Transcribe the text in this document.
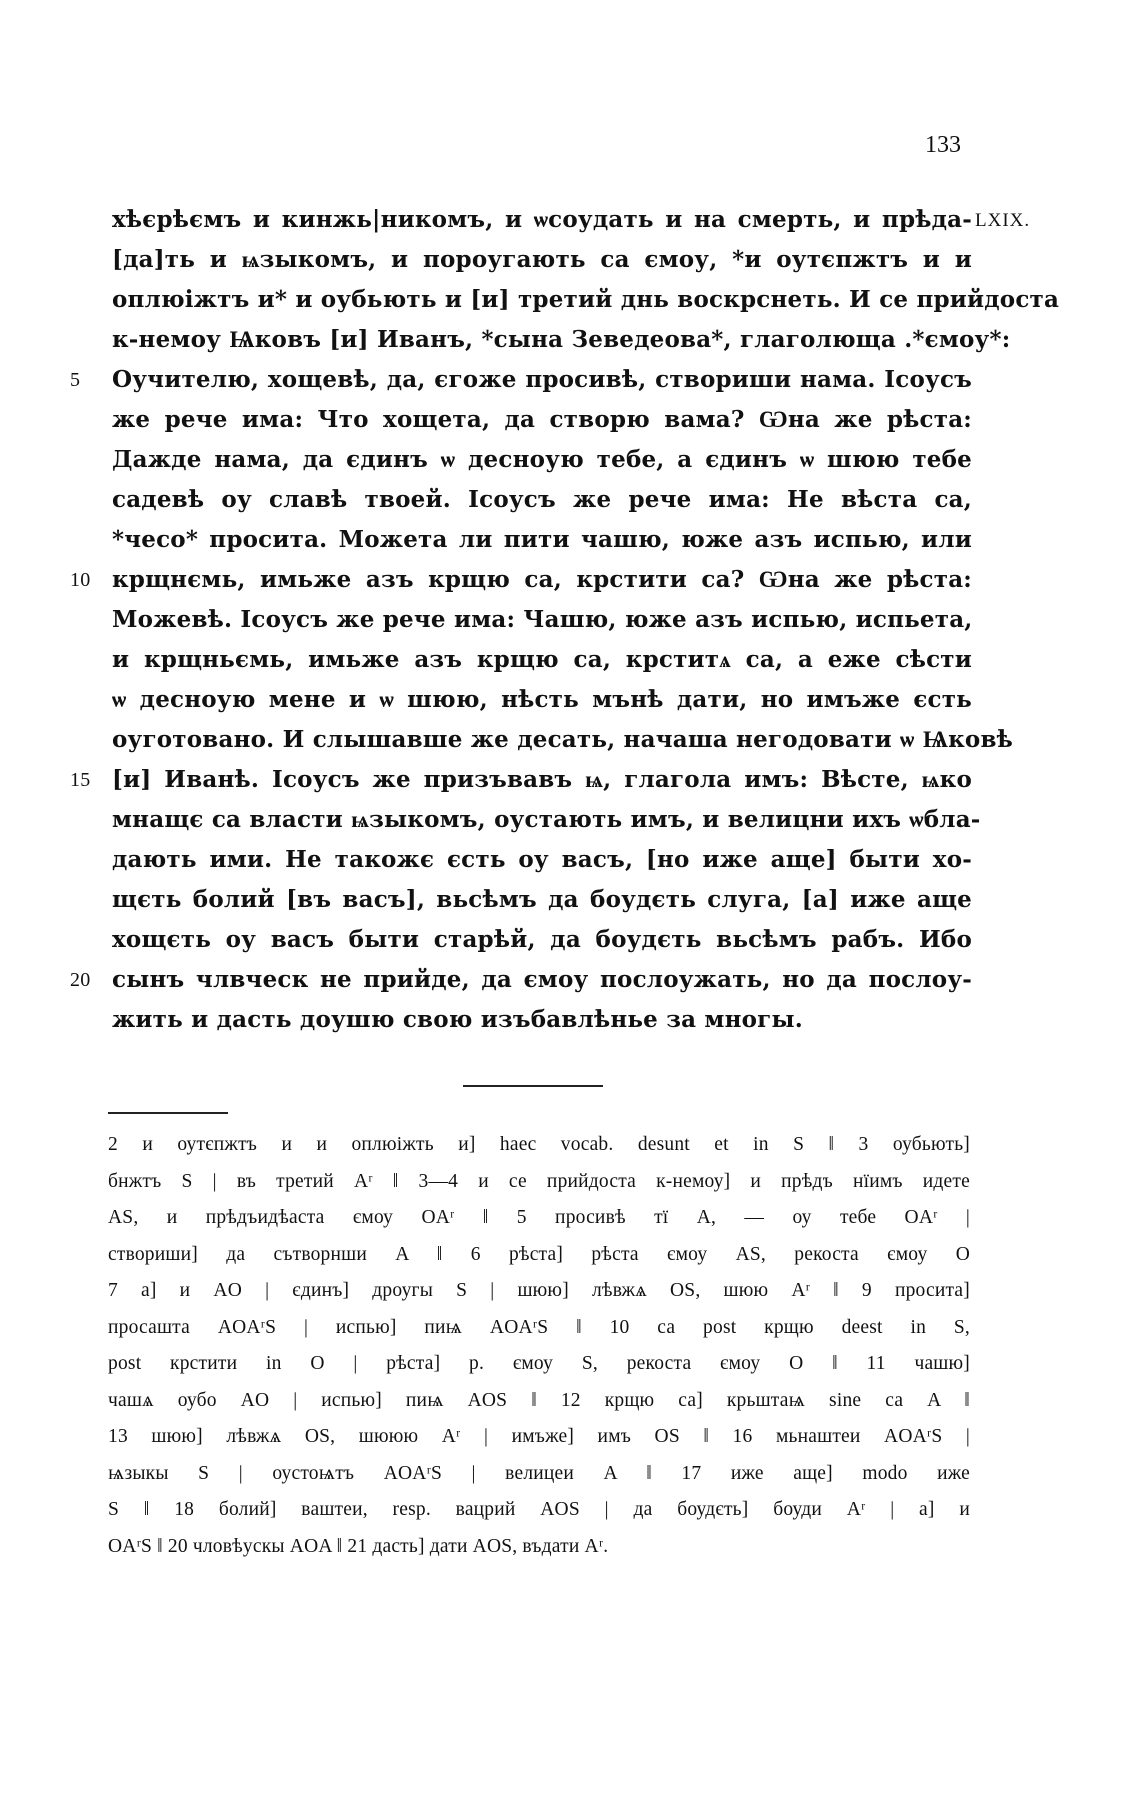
133
LXIX.
хѣєрѣємъ и кинжь|никомъ, и ѡсоудать и на смерть, и прѣда-
[да]ть и ѩзыкомъ, и пороугають са ємоу, *и оутєпжтъ и и
оплюіжтъ и* и оубьють и [и] третий днь воскрснеть. И се прийдоста
к-немоу Ѩковъ [и] Иванъ, *сына Зеведеова*, глаголюща .*ємоу*:
5 Оучителю, хощевѣ, да, єгоже просивѣ, створиши нама. Ісоусъ
же рече има: Что хощета, да створю вама? Ѡна же рѣста:
Дажде нама, да єдинъ ѡ десноую тебе, а єдинъ ѡ шюю тебе
садевѣ оу славѣ твоей. Ісоусъ же рече има: Не вѣста са,
*чесо* просита. Можета ли пити чашю, юже азъ испью, или
10 крщнємь, имьже азъ крщю са, крстити са? Ѡна же рѣста:
Можевѣ. Ісоусъ же рече има: Чашю, юже азъ испью, испьета,
и крщньємь, имьже азъ крщю са, крститѧ са, а еже сѣсти
ѡ десноую мене и ѡ шюю, нѣсть мънѣ дати, но имъже єсть
оуготовано. И слышавше же десать, начаша негодовати ѡ Ѩковѣ
15 [и] Иванѣ. Ісоусъ же призъвавъ ѩ, глагола имъ: Вѣсте, ѩко
мнащє са власти ѩзыкомъ, оустають имъ, и велицни ихъ ѡбла-
дають ими. Не такожє єсть оу васъ, [но иже аще] быти хо-
щєть болий [въ васъ], вьсѣмъ да боудєть слуга, [а] иже аще
хощєть оу васъ быти старѣй, да боудєть вьсѣмъ рабъ. Ибо
20 сынъ члвческ не прийде, да ємоу послоужать, но да послоу-
жить и дасть доушю свою изъбавлѣнье за многы.
2 и оутєпжтъ и и оплюіжть и] haec vocab. desunt et in S ‖ 3 оубьють]
бнжтъ S | въ третий Aʳ ‖ 3—4 и се прийдоста к-немоу] и прѣдъ нїимъ идете
AS, и прѣдъидѣаста ємоу OAʳ ‖ 5 просивѣ тї A, — оу тебе OAʳ |
створиши] да сътворнши A ‖ 6 рѣста] рѣста ємоу AS, рекоста ємоу O
7 а] и AO | єдинъ] дроугы S | шюю] лѣвжѧ OS, шюю Aʳ ‖ 9 просита]
просашта AOAʳS | испью] пиѩ AOAʳS ‖ 10 са post крщю deest in S,
post крстити in O | рѣста] р. ємоу S, рекоста ємоу O ‖ 11 чашю]
чашѧ оубо AO | испью] пиѩ AOS ‖ 12 крщю са] крьштаѩ sine са A ‖
13 шюю] лѣвжѧ OS, шююю Aʳ | имъже] имъ OS ‖ 16 мьнаштеи AOAʳS |
ѩзыкы S | оустоѩтъ AOAʳS | велицеи A ‖ 17 иже аще] modo иже
S ‖ 18 болий] ваштеи, resp. вацрий AOS | да боудєть] боуди Aʳ | а] и
OAʳS ‖ 20 чловѣускы AOA ‖ 21 дасть] дати AOS, въдати Aʳ.
